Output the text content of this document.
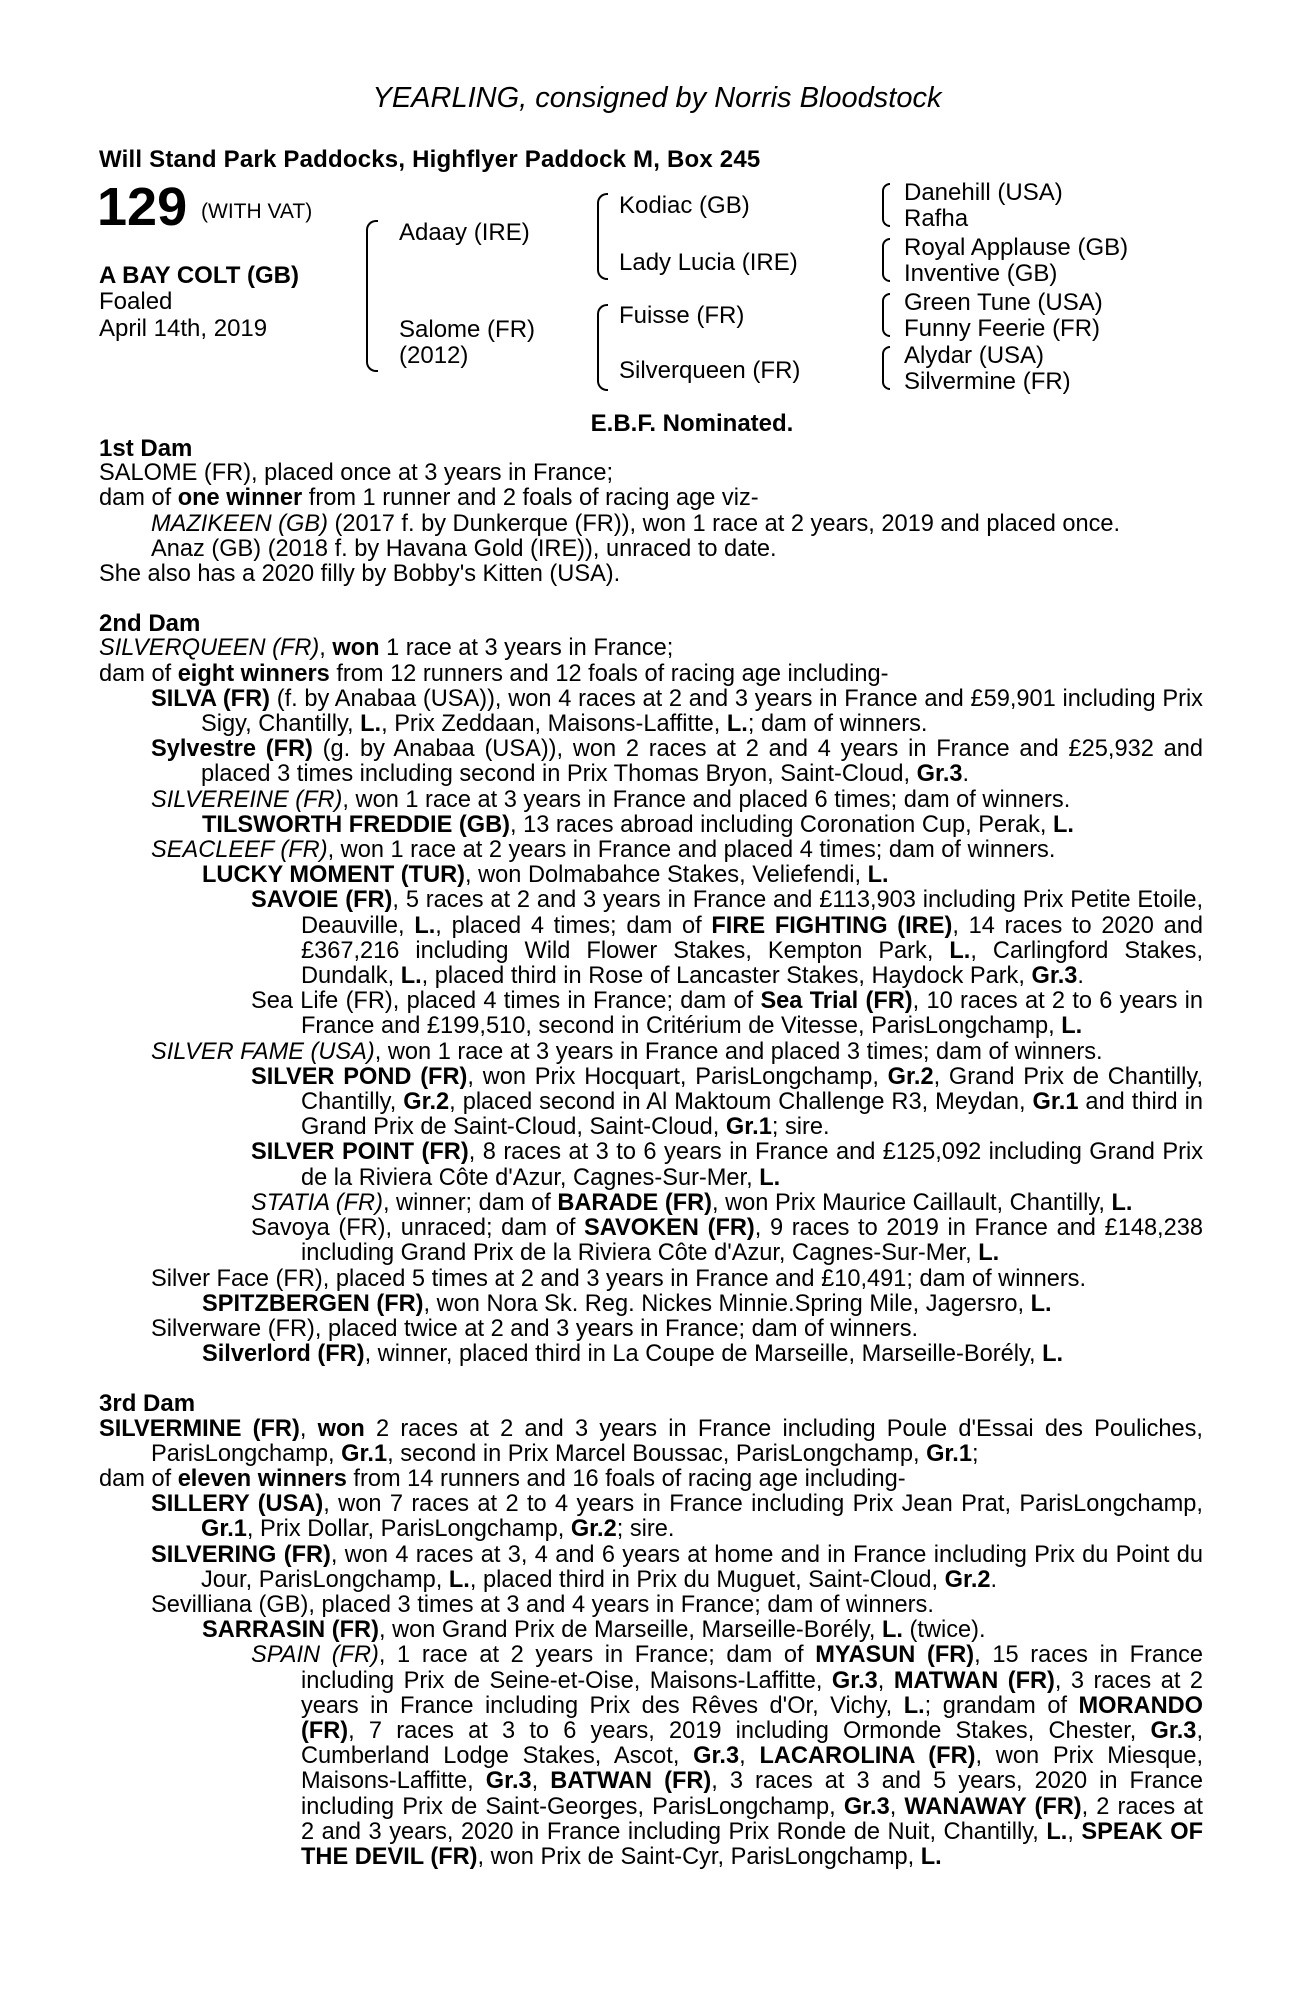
YEARLING, consigned by Norris Bloodstock
Will Stand Park Paddocks, Highflyer Paddock M, Box 245
129 (WITH VAT)
A BAY COLT (GB)
Foaled
April 14th, 2019
Adaay (IRE)
Salome (FR)
(2012)
Kodiac (GB)
Lady Lucia (IRE)
Fuisse (FR)
Silverqueen (FR)
Danehill (USA)
Rafha
Royal Applause (GB)
Inventive (GB)
Green Tune (USA)
Funny Feerie (FR)
Alydar (USA)
Silvermine (FR)
E.B.F. Nominated.

1st Dam

SALOME (FR), placed once at 3 years in France;

dam of one winner from 1 runner and 2 foals of racing age viz-

MAZIKEEN (GB) (2017 f. by Dunkerque (FR)), won 1 race at 2 years, 2019 and placed once.

Anaz (GB) (2018 f. by Havana Gold (IRE)), unraced to date.

She also has a 2020 filly by Bobby's Kitten (USA).

2nd Dam

SILVERQUEEN (FR), won 1 race at 3 years in France;

dam of eight winners from 12 runners and 12 foals of racing age including-

SILVA (FR) (f. by Anabaa (USA)), won 4 races at 2 and 3 years in France and £59,901 including Prix Sigy, Chantilly, L., Prix Zeddaan, Maisons-Laffitte, L.; dam of winners.

Sylvestre (FR) (g. by Anabaa (USA)), won 2 races at 2 and 4 years in France and £25,932 and placed 3 times including second in Prix Thomas Bryon, Saint-Cloud, Gr.3.

SILVEREINE (FR), won 1 race at 3 years in France and placed 6 times; dam of winners.

TILSWORTH FREDDIE (GB), 13 races abroad including Coronation Cup, Perak, L.

SEACLEEF (FR), won 1 race at 2 years in France and placed 4 times; dam of winners.

LUCKY MOMENT (TUR), won Dolmabahce Stakes, Veliefendi, L.

SAVOIE (FR), 5 races at 2 and 3 years in France and £113,903 including Prix Petite Etoile, Deauville, L., placed 4 times; dam of FIRE FIGHTING (IRE), 14 races to 2020 and £367,216 including Wild Flower Stakes, Kempton Park, L., Carlingford Stakes, Dundalk, L., placed third in Rose of Lancaster Stakes, Haydock Park, Gr.3.

Sea Life (FR), placed 4 times in France; dam of Sea Trial (FR), 10 races at 2 to 6 years in France and £199,510, second in Critérium de Vitesse, ParisLongchamp, L.

SILVER FAME (USA), won 1 race at 3 years in France and placed 3 times; dam of winners.

SILVER POND (FR), won Prix Hocquart, ParisLongchamp, Gr.2, Grand Prix de Chantilly, Chantilly, Gr.2, placed second in Al Maktoum Challenge R3, Meydan, Gr.1 and third in Grand Prix de Saint-Cloud, Saint-Cloud, Gr.1; sire.

SILVER POINT (FR), 8 races at 3 to 6 years in France and £125,092 including Grand Prix de la Riviera Côte d'Azur, Cagnes-Sur-Mer, L.

STATIA (FR), winner; dam of BARADE (FR), won Prix Maurice Caillault, Chantilly, L.

Savoya (FR), unraced; dam of SAVOKEN (FR), 9 races to 2019 in France and £148,238 including Grand Prix de la Riviera Côte d'Azur, Cagnes-Sur-Mer, L.

Silver Face (FR), placed 5 times at 2 and 3 years in France and £10,491; dam of winners.

SPITZBERGEN (FR), won Nora Sk. Reg. Nickes Minnie.Spring Mile, Jagersro, L.

Silverware (FR), placed twice at 2 and 3 years in France; dam of winners.

Silverlord (FR), winner, placed third in La Coupe de Marseille, Marseille-Borély, L.

3rd Dam

SILVERMINE (FR), won 2 races at 2 and 3 years in France including Poule d'Essai des Pouliches, ParisLongchamp, Gr.1, second in Prix Marcel Boussac, ParisLongchamp, Gr.1;

dam of eleven winners from 14 runners and 16 foals of racing age including-

SILLERY (USA), won 7 races at 2 to 4 years in France including Prix Jean Prat, ParisLongchamp, Gr.1, Prix Dollar, ParisLongchamp, Gr.2; sire.

SILVERING (FR), won 4 races at 3, 4 and 6 years at home and in France including Prix du Point du Jour, ParisLongchamp, L., placed third in Prix du Muguet, Saint-Cloud, Gr.2.

Sevilliana (GB), placed 3 times at 3 and 4 years in France; dam of winners.

SARRASIN (FR), won Grand Prix de Marseille, Marseille-Borély, L. (twice).

SPAIN (FR), 1 race at 2 years in France; dam of MYASUN (FR), 15 races in France including Prix de Seine-et-Oise, Maisons-Laffitte, Gr.3, MATWAN (FR), 3 races at 2 years in France including Prix des Rêves d'Or, Vichy, L.; grandam of MORANDO (FR), 7 races at 3 to 6 years, 2019 including Ormonde Stakes, Chester, Gr.3, Cumberland Lodge Stakes, Ascot, Gr.3, LACAROLINA (FR), won Prix Miesque, Maisons-Laffitte, Gr.3, BATWAN (FR), 3 races at 3 and 5 years, 2020 in France including Prix de Saint-Georges, ParisLongchamp, Gr.3, WANAWAY (FR), 2 races at 2 and 3 years, 2020 in France including Prix Ronde de Nuit, Chantilly, L., SPEAK OF THE DEVIL (FR), won Prix de Saint-Cyr, ParisLongchamp, L.
